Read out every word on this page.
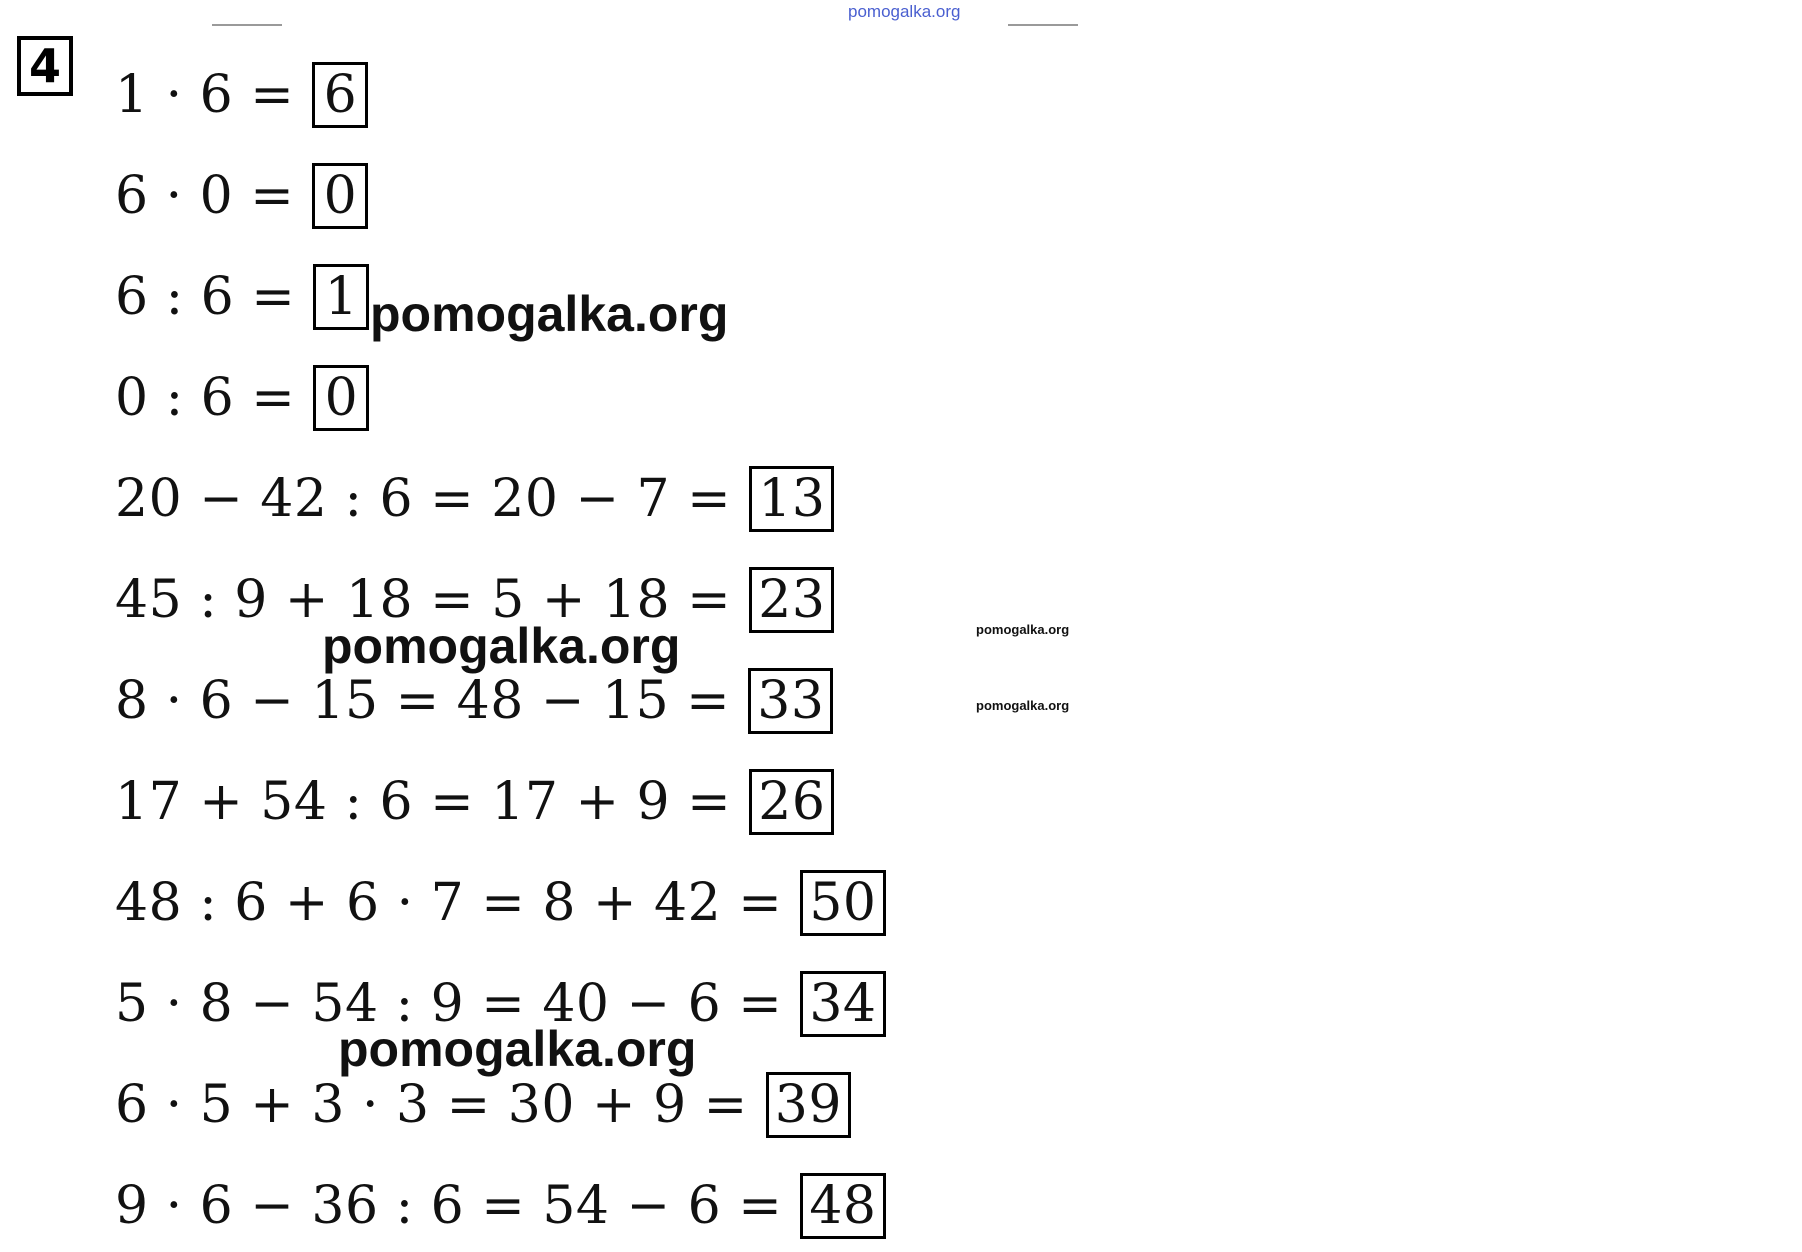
pomogalka.org
4 1 · 6 = 6
6 · 0 = 0
6 : 6 = 1
0 : 6 = 0
20 − 42 : 6 = 20 − 7 = 13
45 : 9 + 18 = 5 + 18 = 23
8 · 6 − 15 = 48 − 15 = 33
17 + 54 : 6 = 17 + 9 = 26
48 : 6 + 6 · 7 = 8 + 42 = 50
5 · 8 − 54 : 9 = 40 − 6 = 34
6 · 5 + 3 · 3 = 30 + 9 = 39
9 · 6 − 36 : 6 = 54 − 6 = 48
pomogalka.org
pomogalka.org
pomogalka.org
pomogalka.org
pomogalka.org
